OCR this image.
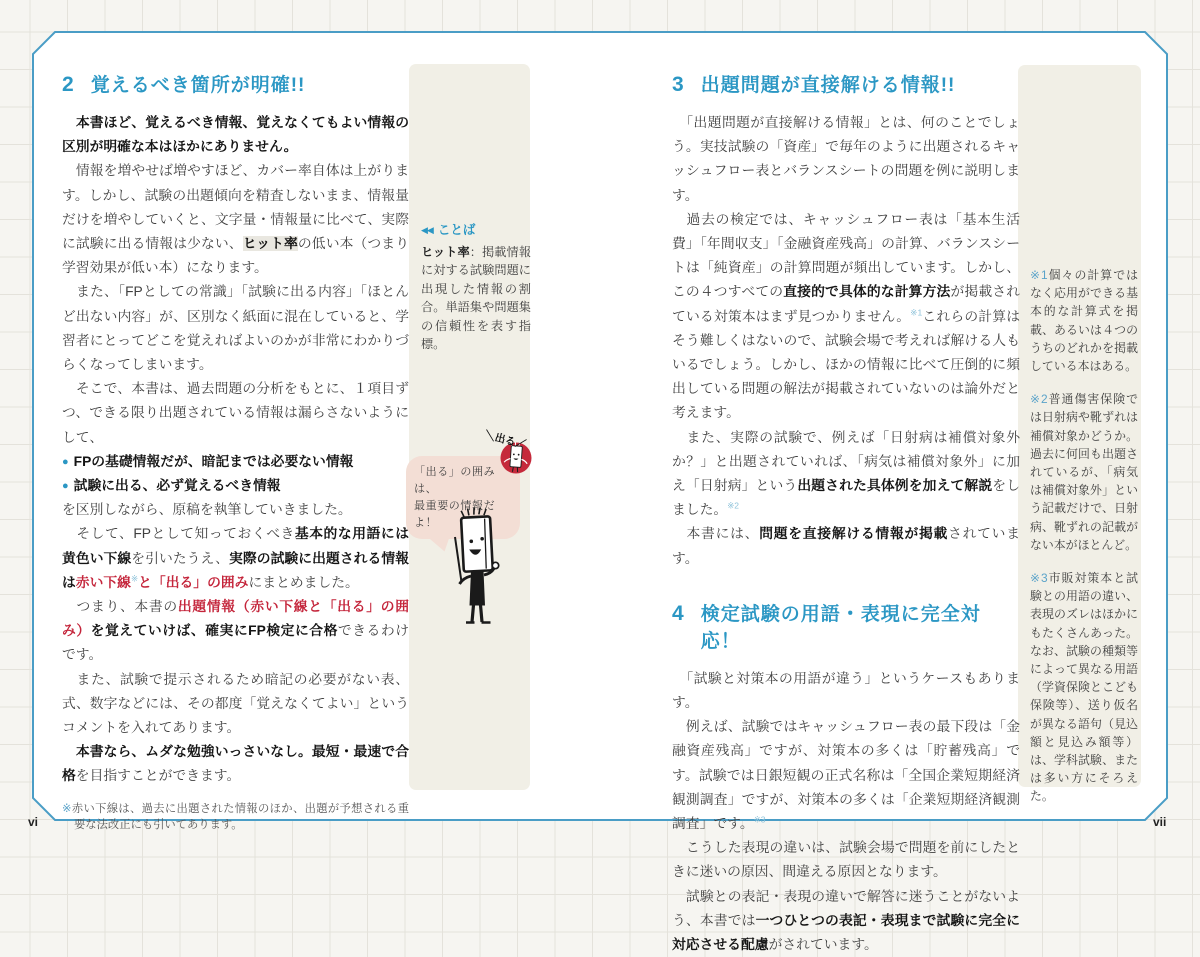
vi	vii
2 覚えるべき箇所が明確!!

　本書ほど、覚えるべき情報、覚えなくてもよい情報の区別が明確な本はほかにありません。

　情報を増やせば増やすほど、カバー率自体は上がります。しかし、試験の出題傾向を精査しないまま、情報量だけを増やしていくと、文字量・情報量に比べて、実際に試験に出る情報は少ない、ヒット率の低い本（つまり学習効果が低い本）になります。

　また、「FPとしての常識」「試験に出る内容」「ほとんど出ない内容」が、区別なく紙面に混在していると、学習者にとってどこを覚えればよいのかが非常にわかりづらくなってしまいます。

　そこで、本書は、過去問題の分析をもとに、１項目ずつ、できる限り出題されている情報は漏らさないようにして、

● FPの基礎情報だが、暗記までは必要ない情報

● 試験に出る、必ず覚えるべき情報

を区別しながら、原稿を執筆していきました。

　そして、FPとして知っておくべき基本的な用語には黄色い下線を引いたうえ、実際の試験に出題される情報は赤い下線※と「出る」の囲みにまとめました。

　つまり、本書の出題情報（赤い下線と「出る」の囲み）を覚えていけば、確実にFP検定に合格できるわけです。

　また、試験で提示されるため暗記の必要がない表、式、数字などには、その都度「覚えなくてよい」というコメントを入れてあります。

　本書なら、ムダな勉強いっさいなし。最短・最速で合格を目指すことができます。

※赤い下線は、過去に出題された情報のほか、出題が予想される重要な法改正にも引いてあります。

◀◀ ことば

ヒット率：掲載情報に対する試験問題に出現した情報の割合。単語集や問題集の信頼性を表す指標。

「出る」の囲みは、
最重要の情報だよ！
＼出る／
3 出題問題が直接解ける情報!!

　「出題問題が直接解ける情報」とは、何のことでしょう。実技試験の「資産」で毎年のように出題されるキャッシュフロー表とバランスシートの問題を例に説明します。

　過去の検定では、キャッシュフロー表は「基本生活費」「年間収支」「金融資産残高」の計算、バランスシートは「純資産」の計算問題が頻出しています。しかし、この４つすべての直接的で具体的な計算方法が掲載されている対策本はまず見つかりません。$^{※1}$これらの計算はそう難しくはないので、試験会場で考えれば解ける人もいるでしょう。しかし、ほかの情報に比べて圧倒的に頻出している問題の解法が掲載されていないのは論外だと考えます。

　また、実際の試験で、例えば「日射病は補償対象外か？」と出題されていれば、「病気は補償対象外」に加え「日射病」という出題された具体例を加えて解説をしました。$^{※2}$

　本書には、問題を直接解ける情報が掲載されています。

4 検定試験の用語・表現に完全対応！

　「試験と対策本の用語が違う」というケースもあります。

　例えば、試験ではキャッシュフロー表の最下段は「金融資産残高」ですが、対策本の多くは「貯蓄残高」です。試験では日銀短観の正式名称は「全国企業短期経済観測調査」ですが、対策本の多くは「企業短期経済観測調査」です。$^{※3}$

　こうした表現の違いは、試験会場で問題を前にしたときに迷いの原因、間違える原因となります。

　試験との表記・表現の違いで解答に迷うことがないよう、本書では一つひとつの表記・表現まで試験に完全に対応させる配慮がされています。

※1個々の計算ではなく応用ができる基本的な計算式を掲載、あるいは４つのうちのどれかを掲載している本はある。

※2普通傷害保険では日射病や靴ずれは補償対象かどうか。過去に何回も出題されているが、「病気は補償対象外」という記載だけで、日射病、靴ずれの記載がない本がほとんど。

※3市販対策本と試験との用語の違い、表現のズレはほかにもたくさんあった。なお、試験の種類等によって異なる用語（学資保険とこども保険等）、送り仮名が異なる語句（見込額と見込み額等）は、学科試験、または多い方にそろえた。
